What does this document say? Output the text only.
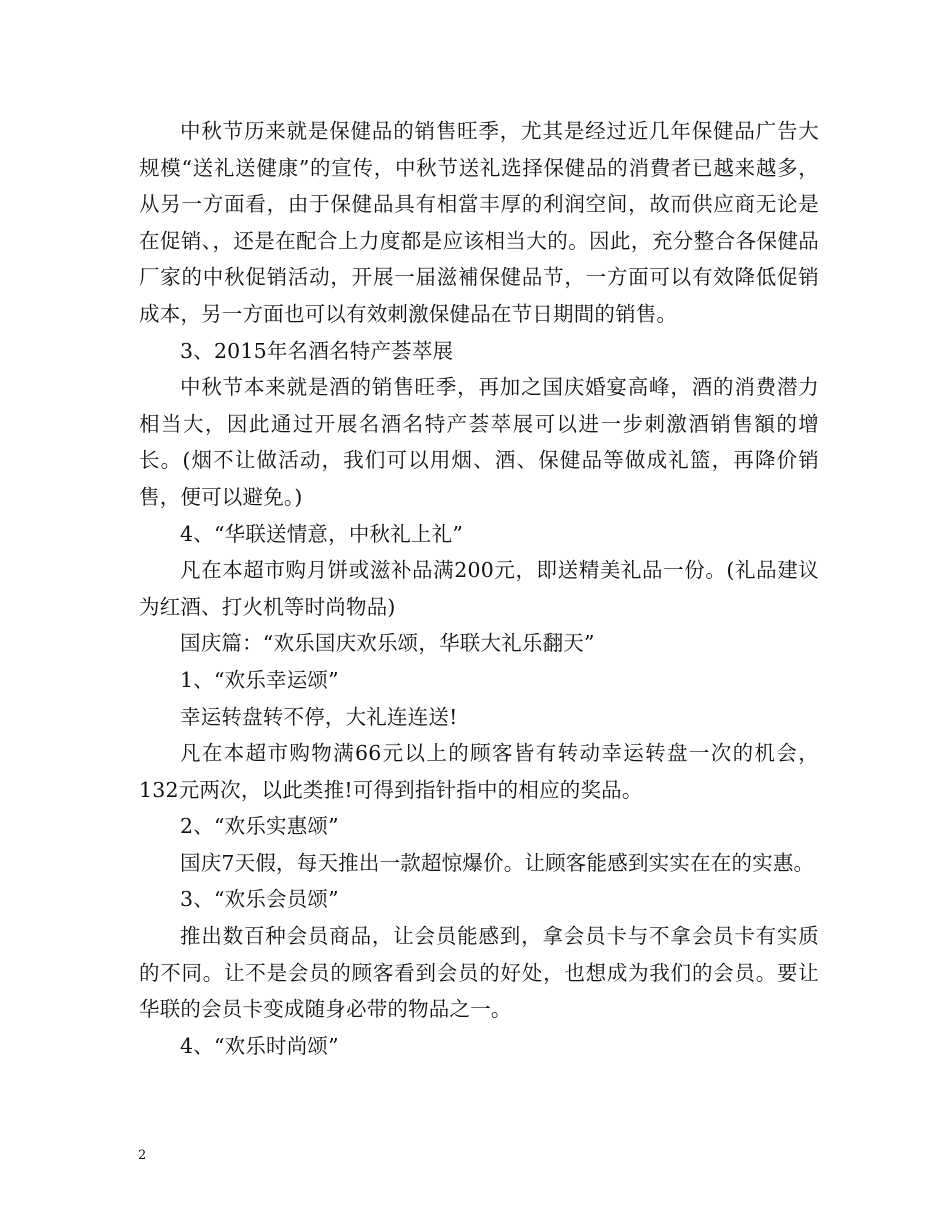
中秋节历来就是保健品的销售旺季，尤其是经过近几年保健品广告大规模“送礼送健康”的宣传，中秋节送礼选择保健品的消費者已越来越多，从另一方面看，由于保健品具有相當丰厚的利润空间，故而供应商无论是在促销、，还是在配合上力度都是应该相当大的。因此，充分整合各保健品厂家的中秋促销活动，开展一届滋補保健品节，一方面可以有效降低促销成本，另一方面也可以有效刺激保健品在节日期間的销售。

3、2015年名酒名特产荟萃展

中秋节本来就是酒的销售旺季，再加之国庆婚宴高峰，酒的消费潜力相当大，因此通过开展名酒名特产荟萃展可以进一步刺激酒销售額的增长。(烟不让做活动，我们可以用烟、酒、保健品等做成礼篮，再降价销售，便可以避免。)

4、“华联送情意，中秋礼上礼”

凡在本超市购月饼或滋补品满200元，即送精美礼品一份。(礼品建议为红酒、打火机等时尚物品)

国庆篇：“欢乐国庆欢乐颂，华联大礼乐翻天”

1、“欢乐幸运颂”

幸运转盘转不停，大礼连连送!

凡在本超市购物满66元以上的顾客皆有转动幸运转盘一次的机会，132元两次，以此类推!可得到指针指中的相应的奖品。

2、“欢乐实惠颂”

国庆7天假，每天推出一款超惊爆价。让顾客能感到实实在在的实惠。

3、“欢乐会员颂”

推出数百种会员商品，让会员能感到，拿会员卡与不拿会员卡有实质的不同。让不是会员的顾客看到会员的好处，也想成为我们的会员。要让华联的会员卡变成随身必带的物品之一。

4、“欢乐时尚颂”

2
